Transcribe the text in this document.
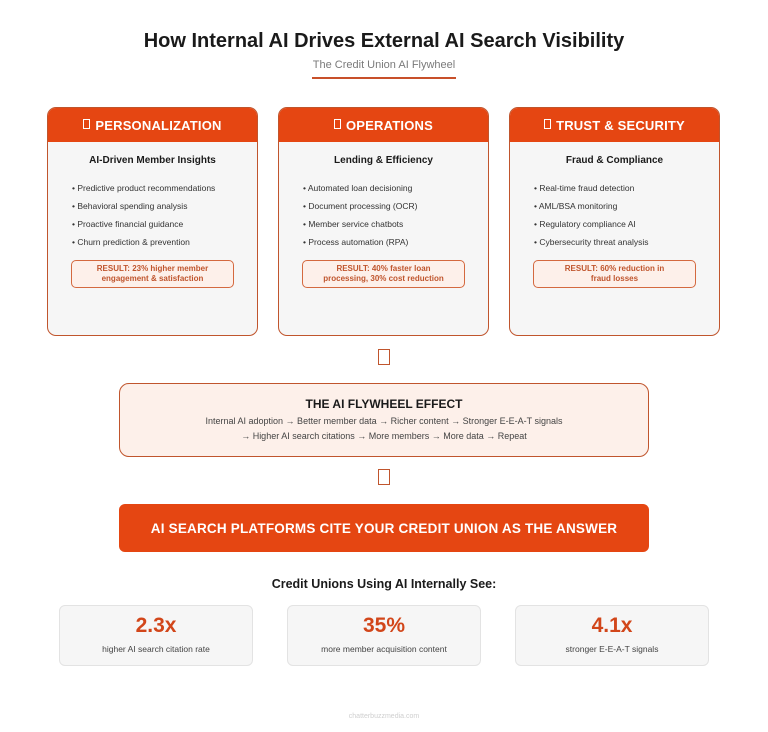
How Internal AI Drives External AI Search Visibility
The Credit Union AI Flywheel
PERSONALIZATION
AI-Driven Member Insights
• Predictive product recommendations
• Behavioral spending analysis
• Proactive financial guidance
• Churn prediction & prevention
RESULT: 23% higher member
engagement & satisfaction
OPERATIONS
Lending & Efficiency
• Automated loan decisioning
• Document processing (OCR)
• Member service chatbots
• Process automation (RPA)
RESULT: 40% faster loan
processing, 30% cost reduction
TRUST & SECURITY
Fraud & Compliance
• Real-time fraud detection
• AML/BSA monitoring
• Regulatory compliance AI
• Cybersecurity threat analysis
RESULT: 60% reduction in
fraud losses
THE AI FLYWHEEL EFFECT
Internal AI adoption → Better member data → Richer content → Stronger E-E-A-T signals
→ Higher AI search citations → More members → More data → Repeat
AI SEARCH PLATFORMS CITE YOUR CREDIT UNION AS THE ANSWER
Credit Unions Using AI Internally See:
2.3x
higher AI search citation rate
35%
more member acquisition content
4.1x
stronger E-E-A-T signals
chatterbuzzmedia.com
